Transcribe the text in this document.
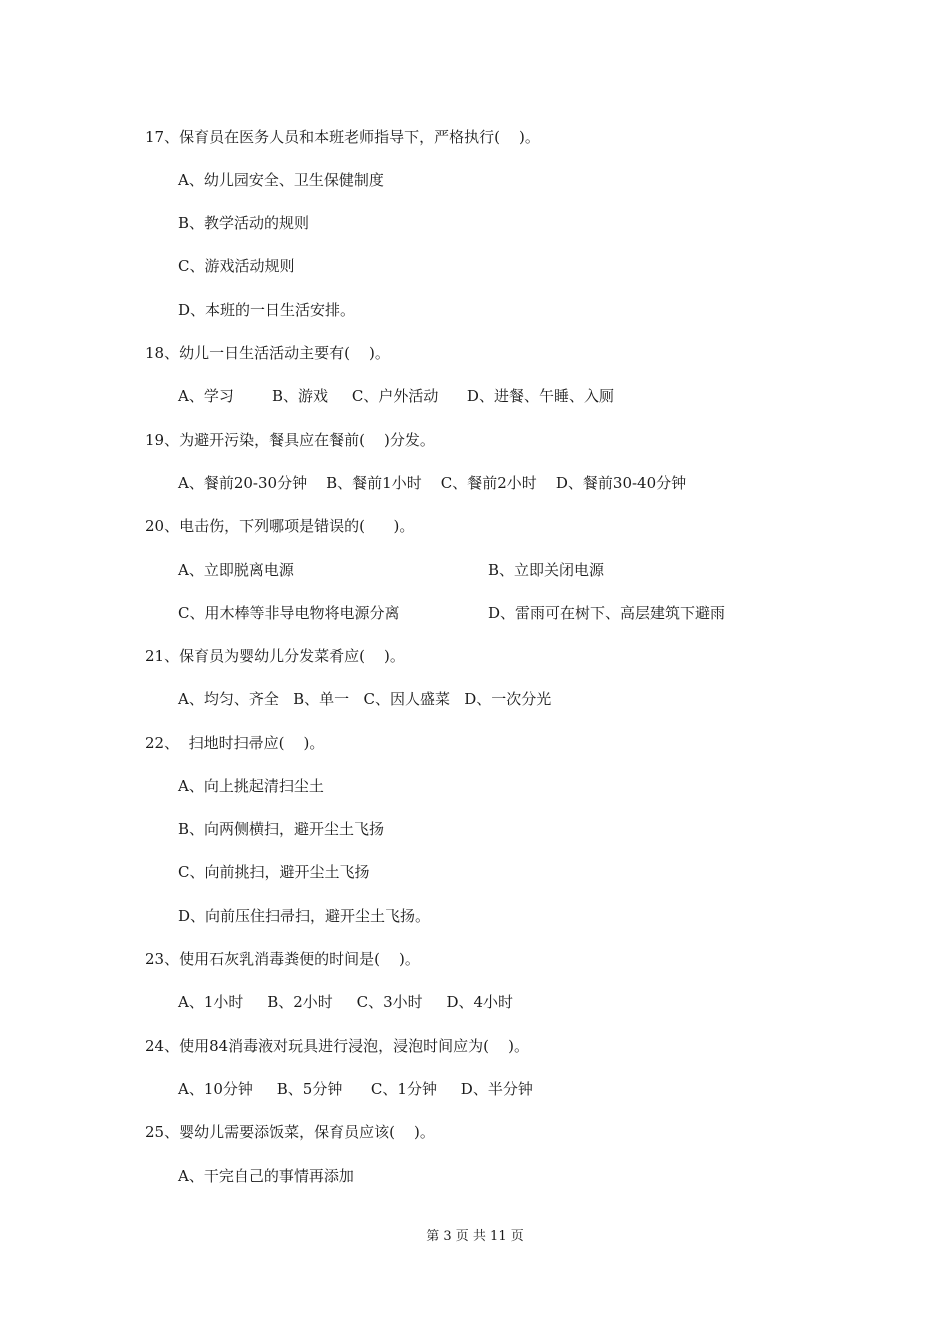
17、保育员在医务人员和本班老师指导下，严格执行(    )。
A、幼儿园安全、卫生保健制度
B、教学活动的规则
C、游戏活动规则
D、本班的一日生活安排。
18、幼儿一日生活活动主要有(    )。
A、学习        B、游戏     C、户外活动      D、进餐、午睡、入厕
19、为避开污染，餐具应在餐前(    )分发。
A、餐前20-30分钟    B、餐前1小时    C、餐前2小时    D、餐前30-40分钟
20、电击伤，下列哪项是错误的(      )。
A、立即脱离电源	B、立即关闭电源
C、用木棒等非导电物将电源分离	D、雷雨可在树下、高层建筑下避雨
21、保育员为婴幼儿分发菜肴应(    )。
A、均匀、齐全   B、单一   C、因人盛菜   D、一次分光
22、  扫地时扫帚应(    )。
A、向上挑起清扫尘土
B、向两侧横扫，避开尘土飞扬
C、向前挑扫，避开尘土飞扬
D、向前压住扫帚扫，避开尘土飞扬。
23、使用石灰乳消毒粪便的时间是(    )。
A、1小时     B、2小时     C、3小时     D、4小时
24、使用84消毒液对玩具进行浸泡，浸泡时间应为(    )。
A、10分钟     B、5分钟      C、1分钟     D、半分钟
25、婴幼儿需要添饭菜，保育员应该(    )。
A、干完自己的事情再添加
第 3 页 共 11 页
